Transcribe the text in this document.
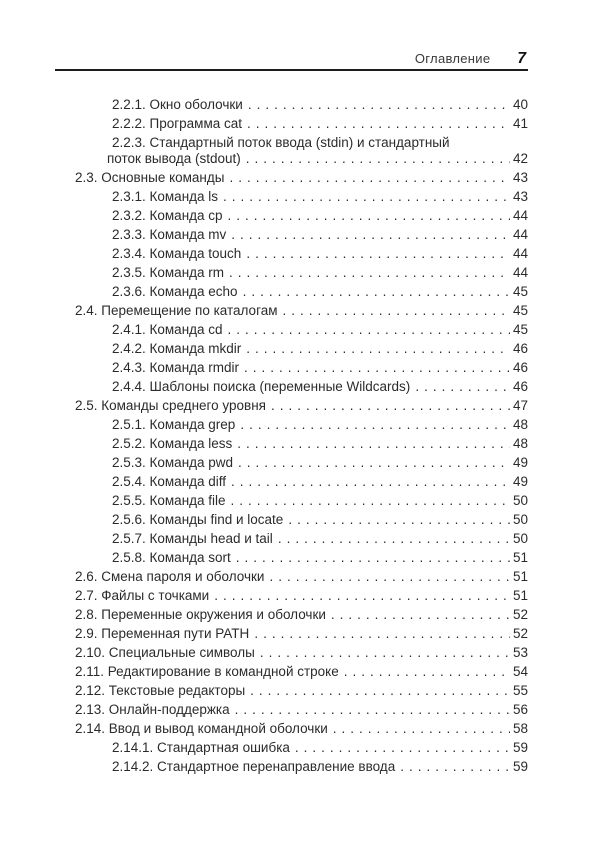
Оглавление 7
2.2.1. Окно оболочки .....	40
2.2.2. Программа cat .....	41
2.2.3. Стандартный поток ввода (stdin) и стандартный
поток вывода (stdout) .....	42
2.3. Основные команды .....	43
2.3.1. Команда ls .....	43
2.3.2. Команда cp .....	44
2.3.3. Команда mv .....	44
2.3.4. Команда touch .....	44
2.3.5. Команда rm .....	44
2.3.6. Команда echo .....	45
2.4. Перемещение по каталогам .....	45
2.4.1. Команда cd .....	45
2.4.2. Команда mkdir .....	46
2.4.3. Команда rmdir .....	46
2.4.4. Шаблоны поиска (переменные Wildcards) .....	46
2.5. Команды среднего уровня .....	47
2.5.1. Команда grep .....	48
2.5.2. Команда less .....	48
2.5.3. Команда pwd .....	49
2.5.4. Команда diff .....	49
2.5.5. Команда file .....	50
2.5.6. Команды find и locate .....	50
2.5.7. Команды head и tail .....	50
2.5.8. Команда sort .....	51
2.6. Смена пароля и оболочки .....	51
2.7. Файлы с точками .....	51
2.8. Переменные окружения и оболочки .....	52
2.9. Переменная пути PATH .....	52
2.10. Специальные символы .....	53
2.11. Редактирование в командной строке .....	54
2.12. Текстовые редакторы .....	55
2.13. Онлайн-поддержка .....	56
2.14. Ввод и вывод командной оболочки .....	58
2.14.1. Стандартная ошибка .....	59
2.14.2. Стандартное перенаправление ввода .....	59
